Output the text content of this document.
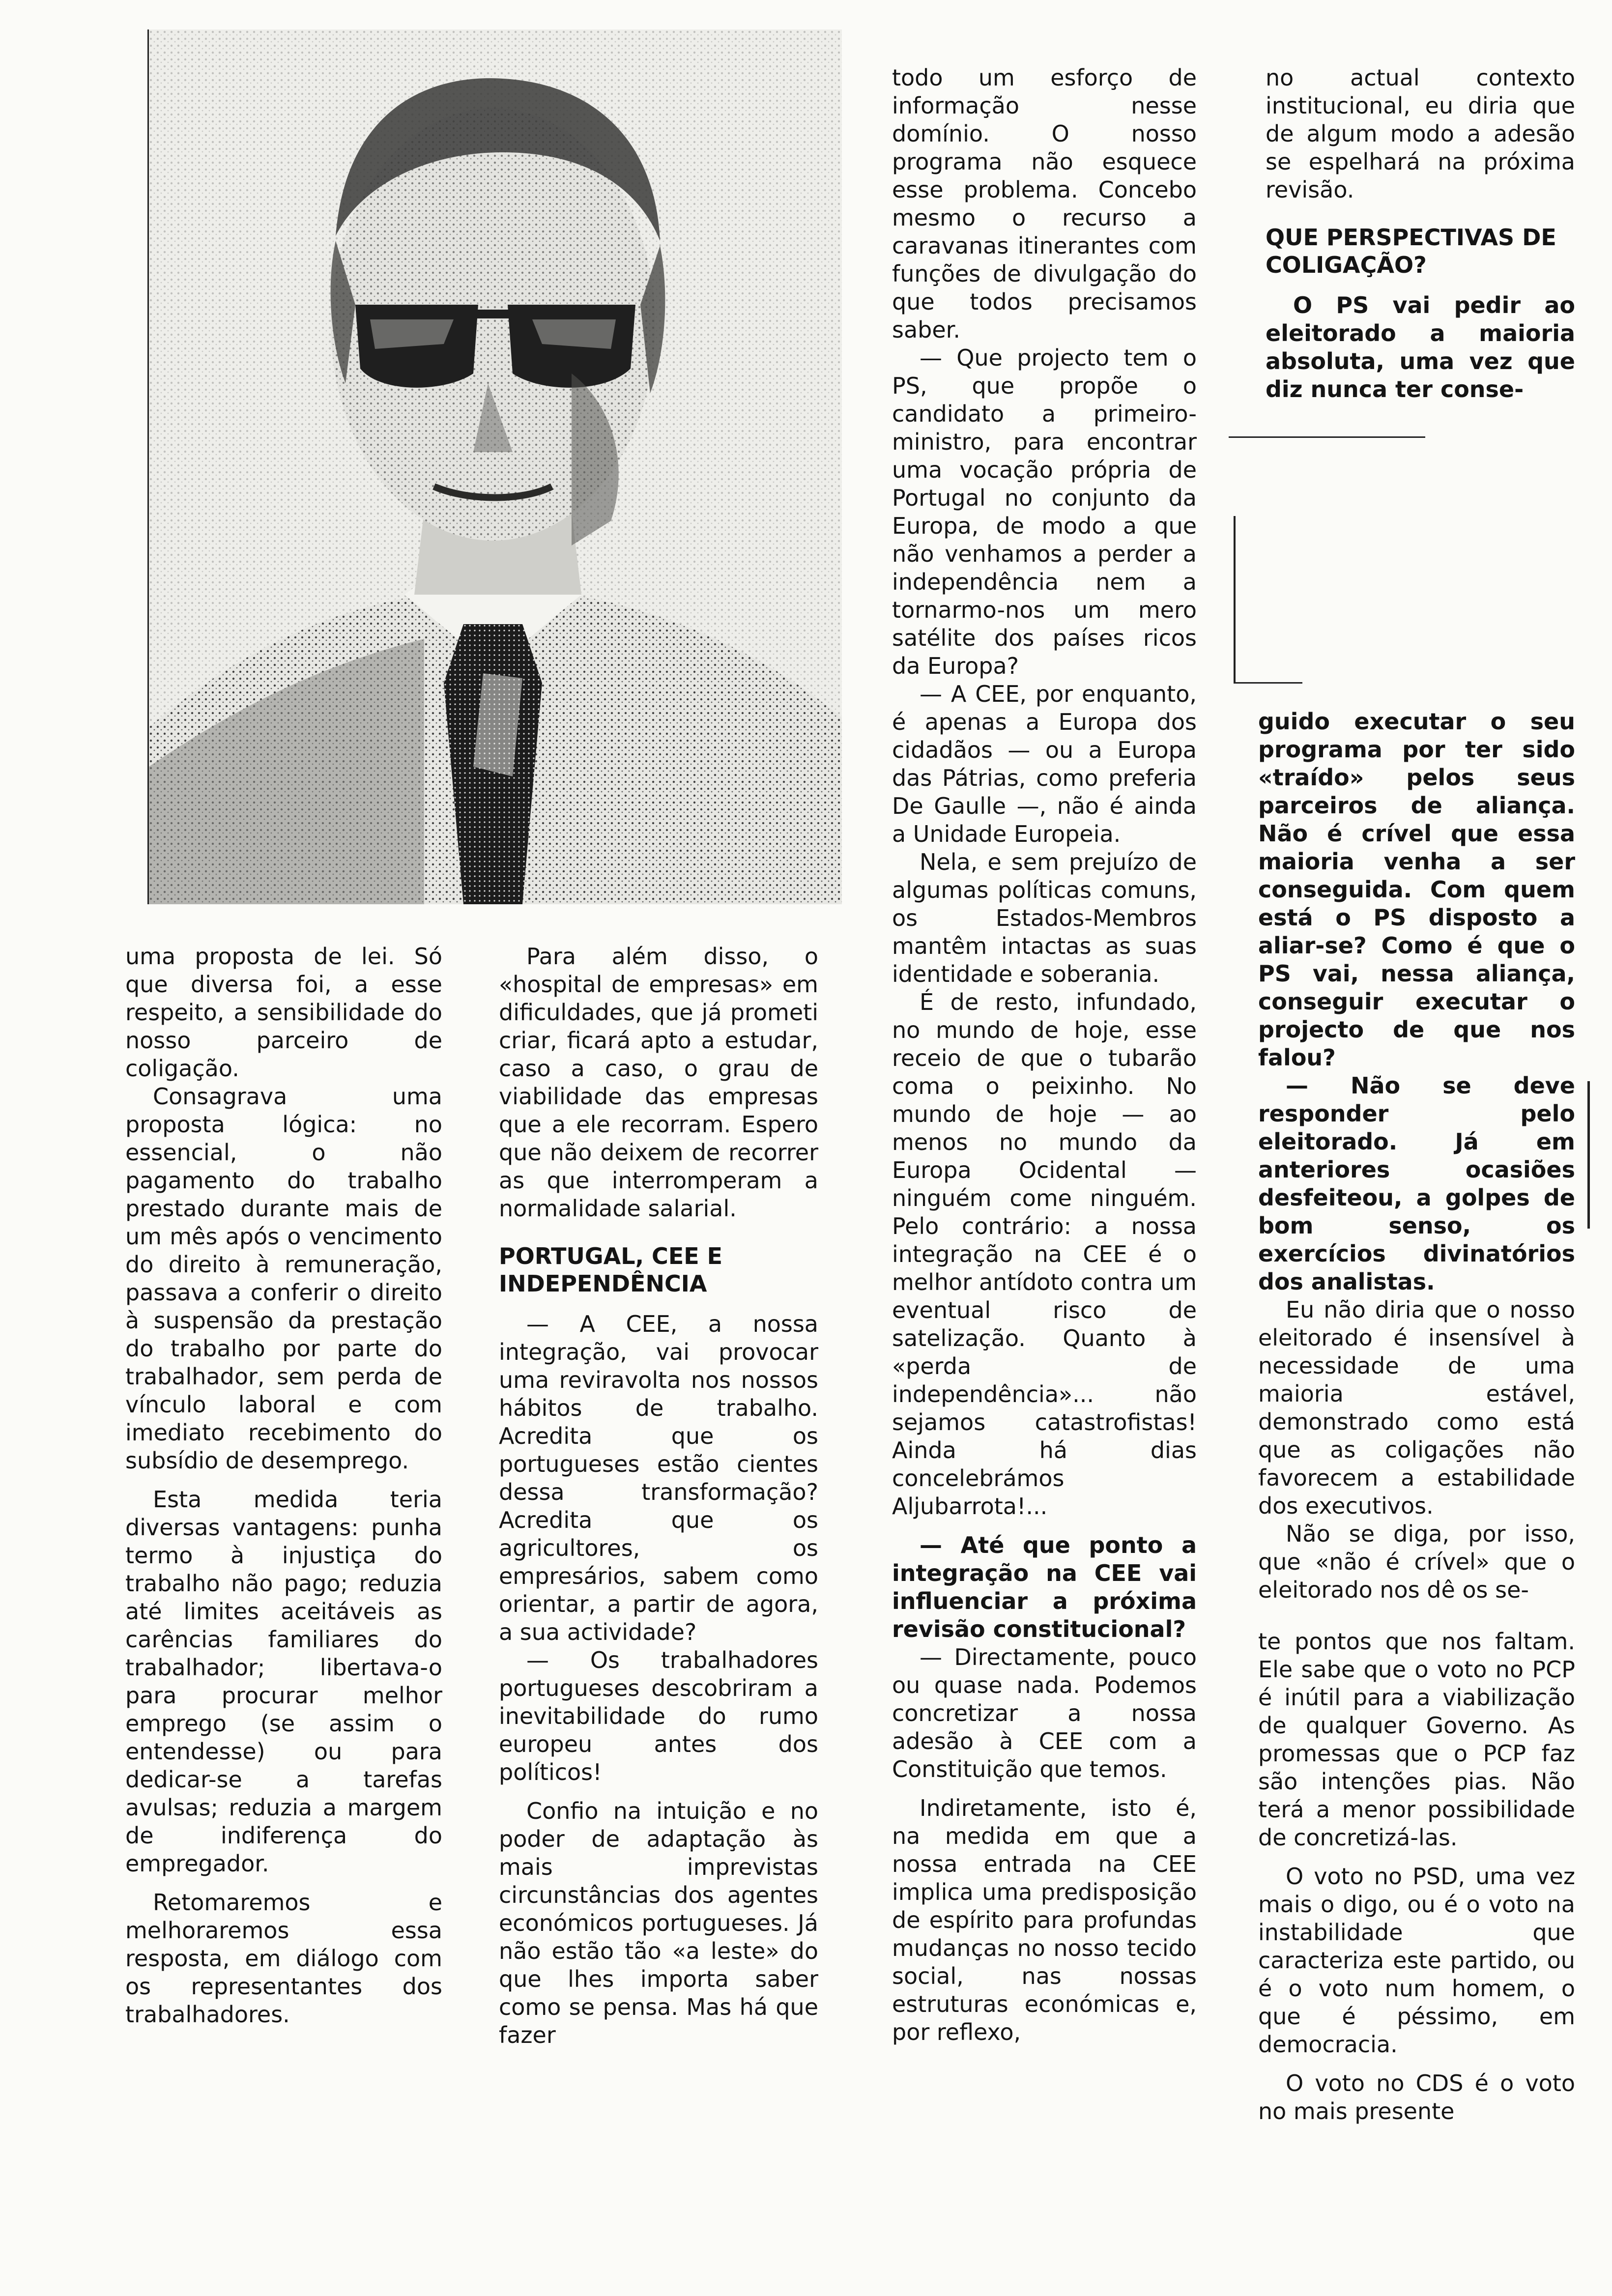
uma proposta de lei. Só que diversa foi, a esse respeito, a sensibilidade do nosso parceiro de coligação.

Consagrava uma proposta lógica: no essencial, o não pagamento do trabalho prestado durante mais de um mês após o vencimento do direito à remuneração, passava a conferir o direito à suspensão da prestação do trabalho por parte do trabalhador, sem perda de vínculo laboral e com imediato recebimento do subsídio de desemprego.

Esta medida teria diversas vantagens: punha termo à injustiça do trabalho não pago; reduzia até limites aceitáveis as carências familiares do trabalhador; libertava-o para procurar melhor emprego (se assim o entendesse) ou para dedicar-se a tarefas avulsas; reduzia a margem de indiferença do empregador.

Retomaremos e melhoraremos essa resposta, em diálogo com os representantes dos trabalhadores.

Para além disso, o «hospital de empresas» em dificuldades, que já prometi criar, ficará apto a estudar, caso a caso, o grau de viabilidade das empresas que a ele recorram. Espero que não deixem de recorrer as que interromperam a normalidade salarial.

PORTUGAL, CEE E INDEPENDÊNCIA

— A CEE, a nossa integração, vai provocar uma reviravolta nos nossos hábitos de trabalho. Acredita que os portugueses estão cientes dessa transformação? Acredita que os agricultores, os empresários, sabem como orientar, a partir de agora, a sua actividade?

— Os trabalhadores portugueses descobriram a inevitabilidade do rumo europeu antes dos políticos!

Confio na intuição e no poder de adaptação às mais imprevistas circunstâncias dos agentes económicos portugueses. Já não estão tão «a leste» do que lhes importa saber como se pensa. Mas há que fazer

todo um esforço de informação nesse domínio. O nosso programa não esquece esse problema. Concebo mesmo o recurso a caravanas itinerantes com funções de divulgação do que todos precisamos saber.

— Que projecto tem o PS, que propõe o candidato a primeiro-ministro, para encontrar uma vocação própria de Portugal no conjunto da Europa, de modo a que não venhamos a perder a independência nem a tornarmo-nos um mero satélite dos países ricos da Europa?

— A CEE, por enquanto, é apenas a Europa dos cidadãos — ou a Europa das Pátrias, como preferia De Gaulle —, não é ainda a Unidade Europeia.

Nela, e sem prejuízo de algumas políticas comuns, os Estados-Membros mantêm intactas as suas identidade e soberania.

É de resto, infundado, no mundo de hoje, esse receio de que o tubarão coma o peixinho. No mundo de hoje — ao menos no mundo da Europa Ocidental — ninguém come ninguém. Pelo contrário: a nossa integração na CEE é o melhor antídoto contra um eventual risco de satelização. Quanto à «perda de independência»... não sejamos catastrofistas! Ainda há dias concelebrámos Aljubarrota!...

— Até que ponto a integração na CEE vai influenciar a próxima revisão constitucional?

— Directamente, pouco ou quase nada. Podemos concretizar a nossa adesão à CEE com a Constituição que temos.

Indiretamente, isto é, na medida em que a nossa entrada na CEE implica uma predisposição de espírito para profundas mudanças no nosso tecido social, nas nossas estruturas económicas e, por reflexo,

no actual contexto institucional, eu diria que de algum modo a adesão se espelhará na próxima revisão.

QUE PERSPECTIVAS DE COLIGAÇÃO?

O PS vai pedir ao eleitorado a maioria absoluta, uma vez que diz nunca ter conse-

guido executar o seu programa por ter sido «traído» pelos seus parceiros de aliança. Não é crível que essa maioria venha a ser conseguida. Com quem está o PS disposto a aliar-se? Como é que o PS vai, nessa aliança, conseguir executar o projecto de que nos falou?

— Não se deve responder pelo eleitorado. Já em anteriores ocasiões desfeiteou, a golpes de bom senso, os exercícios divinatórios dos analistas.

Eu não diria que o nosso eleitorado é insensível à necessidade de uma maioria estável, demonstrado como está que as coligações não favorecem a estabilidade dos executivos.

Não se diga, por isso, que «não é crível» que o eleitorado nos dê os se-

te pontos que nos faltam. Ele sabe que o voto no PCP é inútil para a viabilização de qualquer Governo. As promessas que o PCP faz são intenções pias. Não terá a menor possibilidade de concretizá-las.

O voto no PSD, uma vez mais o digo, ou é o voto na instabilidade que caracteriza este partido, ou é o voto num homem, o que é péssimo, em democracia.

O voto no CDS é o voto no mais presente
